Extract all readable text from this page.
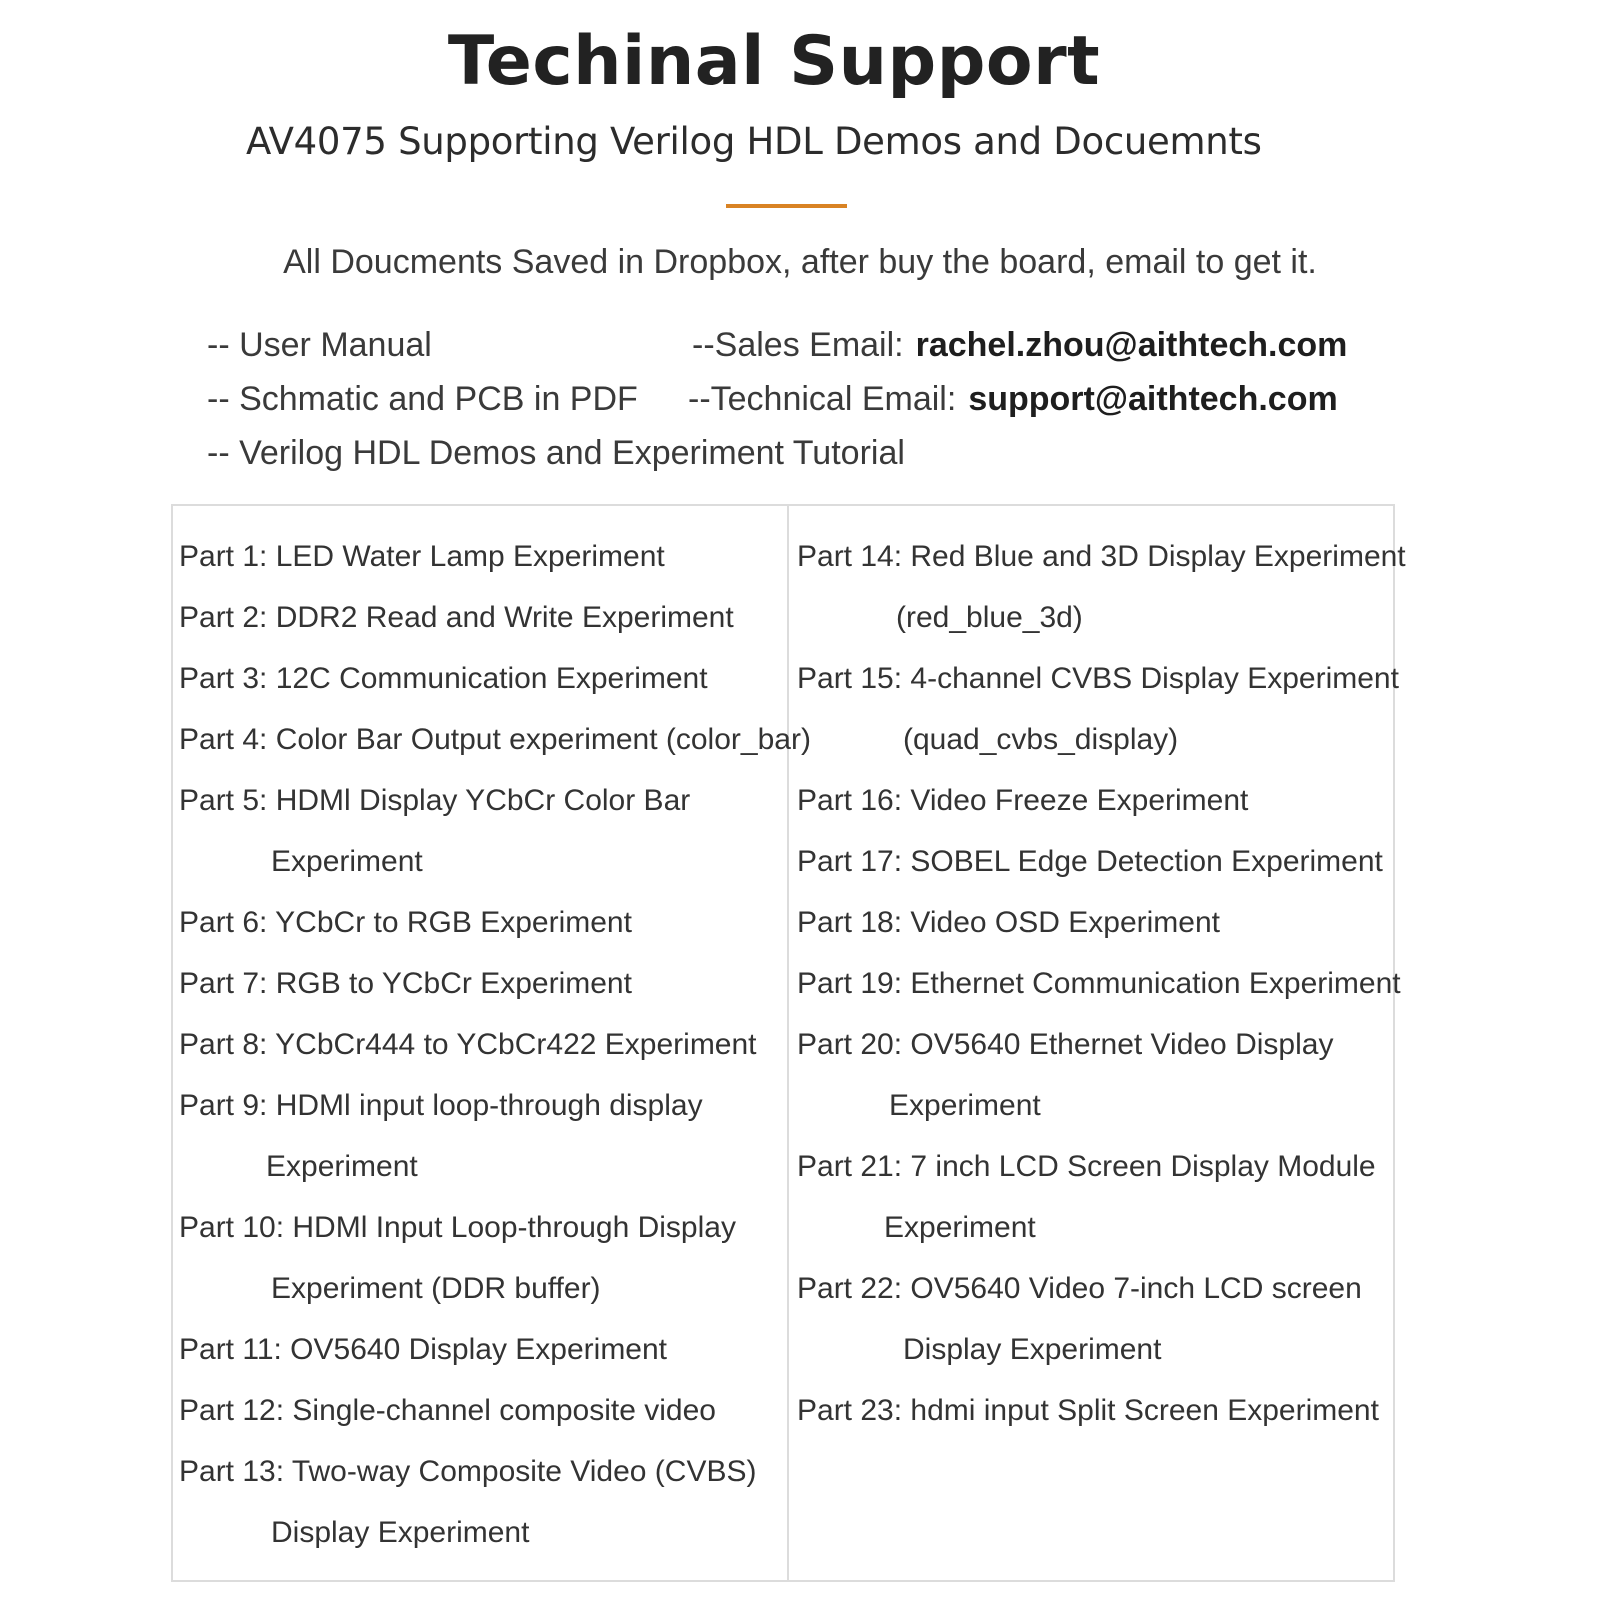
Techinal Support
AV4075 Supporting Verilog HDL Demos and Docuemnts
All Doucments Saved in Dropbox, after buy the board, email to get it.
-- User Manual
-- Schmatic and PCB in PDF
-- Verilog HDL Demos and Experiment Tutorial
--Sales Email: rachel.zhou@aithtech.com
--Technical Email: support@aithtech.com
Part 1: LED Water Lamp Experiment
Part 2: DDR2 Read and Write Experiment
Part 3: 12C Communication Experiment
Part 4: Color Bar Output experiment (color_bar)
Part 5: HDMl Display YCbCr Color Bar
Experiment
Part 6: YCbCr to RGB Experiment
Part 7: RGB to YCbCr Experiment
Part 8: YCbCr444 to YCbCr422 Experiment
Part 9: HDMl input loop-through display
Experiment
Part 10: HDMl Input Loop-through Display
Experiment (DDR buffer)
Part 11: OV5640 Display Experiment
Part 12: Single-channel composite video
Part 13: Two-way Composite Video (CVBS)
Display Experiment
Part 14: Red Blue and 3D Display Experiment
(red_blue_3d)
Part 15: 4-channel CVBS Display Experiment
(quad_cvbs_display)
Part 16: Video Freeze Experiment
Part 17: SOBEL Edge Detection Experiment
Part 18: Video OSD Experiment
Part 19: Ethernet Communication Experiment
Part 20: OV5640 Ethernet Video Display
Experiment
Part 21: 7 inch LCD Screen Display Module
Experiment
Part 22: OV5640 Video 7-inch LCD screen
Display Experiment
Part 23: hdmi input Split Screen Experiment
